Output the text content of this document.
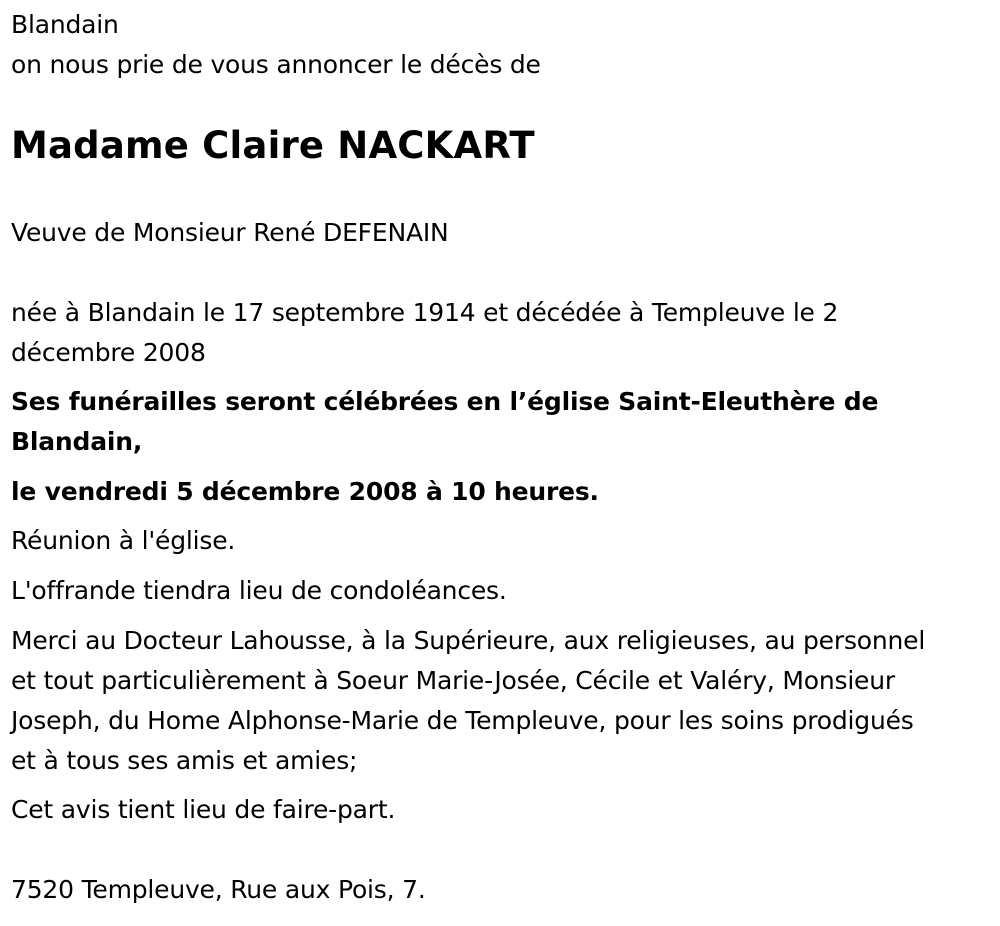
Blandain
on nous prie de vous annoncer le décès de
Madame Claire NACKART
Veuve de Monsieur René DEFENAIN
née à Blandain le 17 septembre 1914 et décédée à Templeuve le 2
décembre 2008
Ses funérailles seront célébrées en l’église Saint-Eleuthère de
Blandain,
le vendredi 5 décembre 2008 à 10 heures.
Réunion à l'église.
L'offrande tiendra lieu de condoléances.
Merci au Docteur Lahousse, à la Supérieure, aux religieuses, au personnel
et tout particulièrement à Soeur Marie-Josée, Cécile et Valéry, Monsieur
Joseph, du Home Alphonse-Marie de Templeuve, pour les soins prodigués
et à tous ses amis et amies;
Cet avis tient lieu de faire-part.
7520 Templeuve, Rue aux Pois, 7.
